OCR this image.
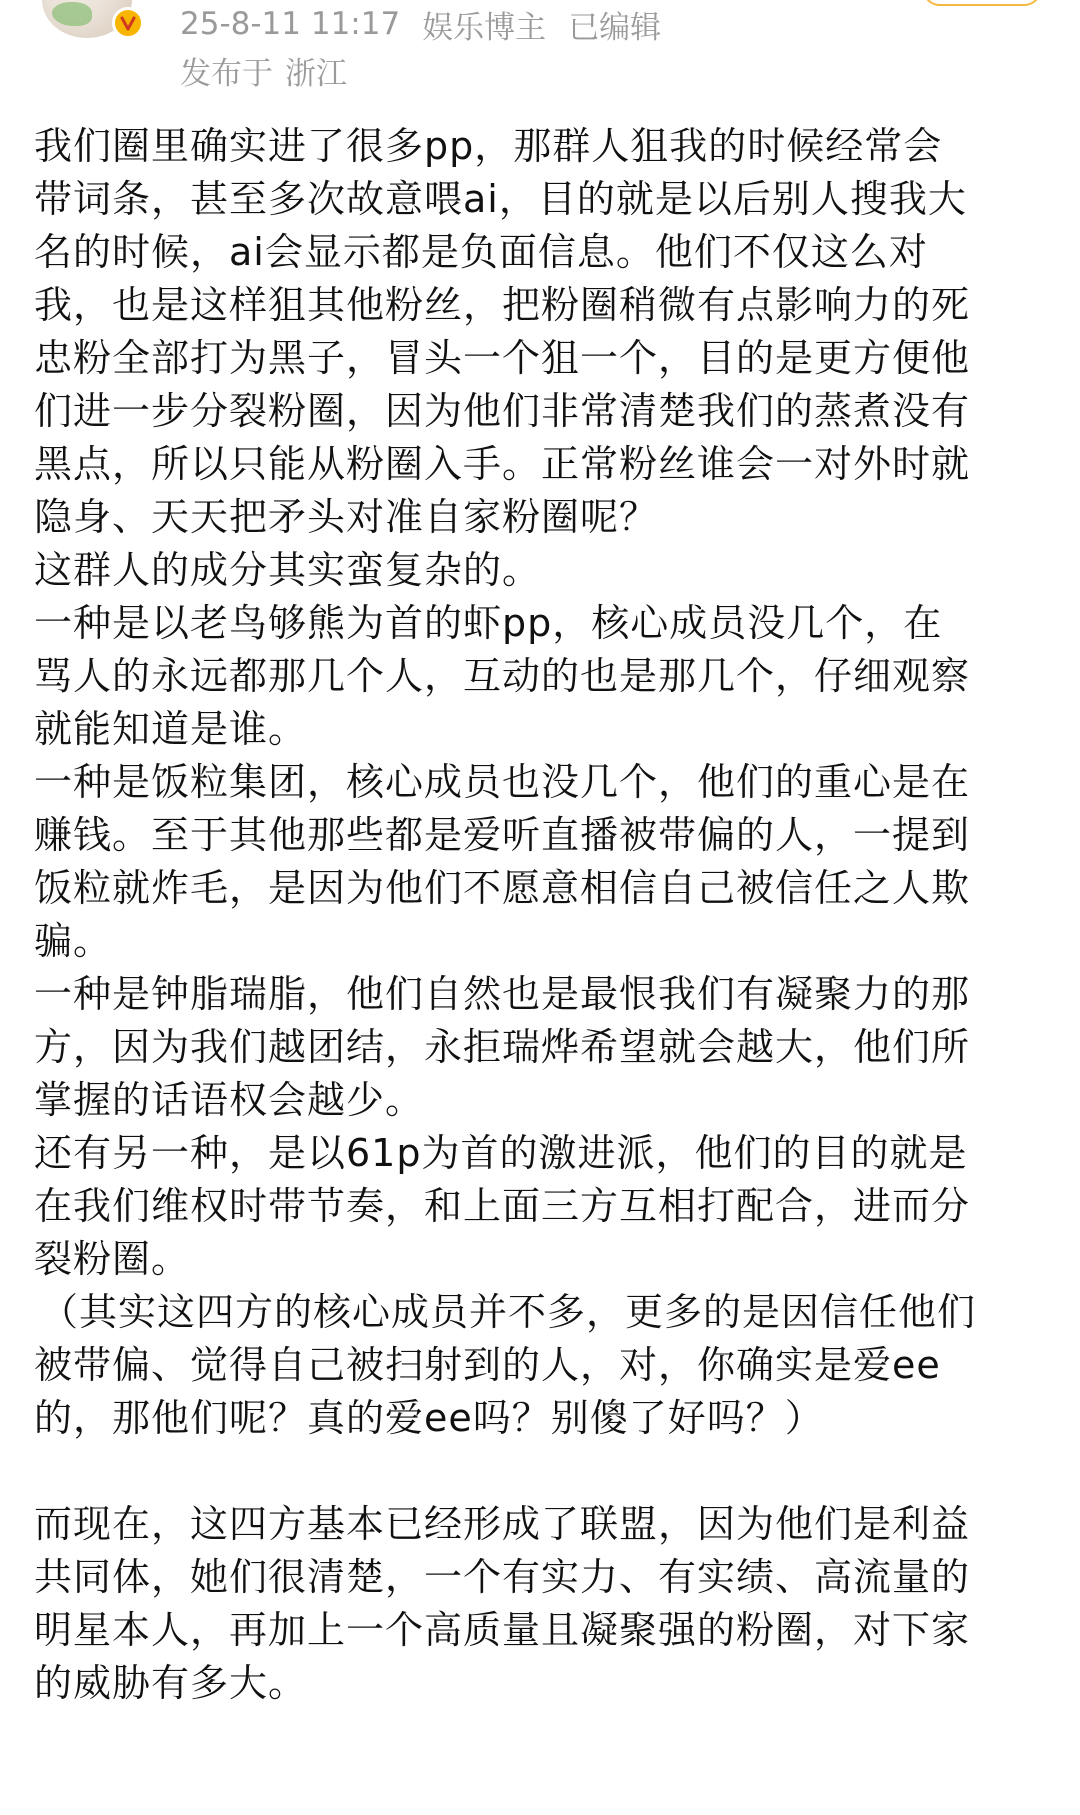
25-8-11 11:17 娱乐博主 已编辑
发布于 浙江

我们圈里确实进了很多pp，那群人狙我的时候经常会

带词条，甚至多次故意喂ai，目的就是以后别人搜我大

名的时候，ai会显示都是负面信息。他们不仅这么对

我，也是这样狙其他粉丝，把粉圈稍微有点影响力的死

忠粉全部打为黑子，冒头一个狙一个，目的是更方便他

们进一步分裂粉圈，因为他们非常清楚我们的蒸煮没有

黑点，所以只能从粉圈入手。正常粉丝谁会一对外时就

隐身、天天把矛头对准自家粉圈呢？

这群人的成分其实蛮复杂的。

一种是以老鸟够熊为首的虾pp，核心成员没几个，在

骂人的永远都那几个人，互动的也是那几个，仔细观察

就能知道是谁。

一种是饭粒集团，核心成员也没几个，他们的重心是在

赚钱。至于其他那些都是爱听直播被带偏的人，一提到

饭粒就炸毛，是因为他们不愿意相信自己被信任之人欺

骗。

一种是钟脂瑞脂，他们自然也是最恨我们有凝聚力的那

方，因为我们越团结，永拒瑞烨希望就会越大，他们所

掌握的话语权会越少。

还有另一种，是以61p为首的激进派，他们的目的就是

在我们维权时带节奏，和上面三方互相打配合，进而分

裂粉圈。

（其实这四方的核心成员并不多，更多的是因信任他们

被带偏、觉得自己被扫射到的人，对，你确实是爱ee

的，那他们呢？真的爱ee吗？别傻了好吗？）

而现在，这四方基本已经形成了联盟，因为他们是利益

共同体，她们很清楚，一个有实力、有实绩、高流量的

明星本人，再加上一个高质量且凝聚强的粉圈，对下家

的威胁有多大。
